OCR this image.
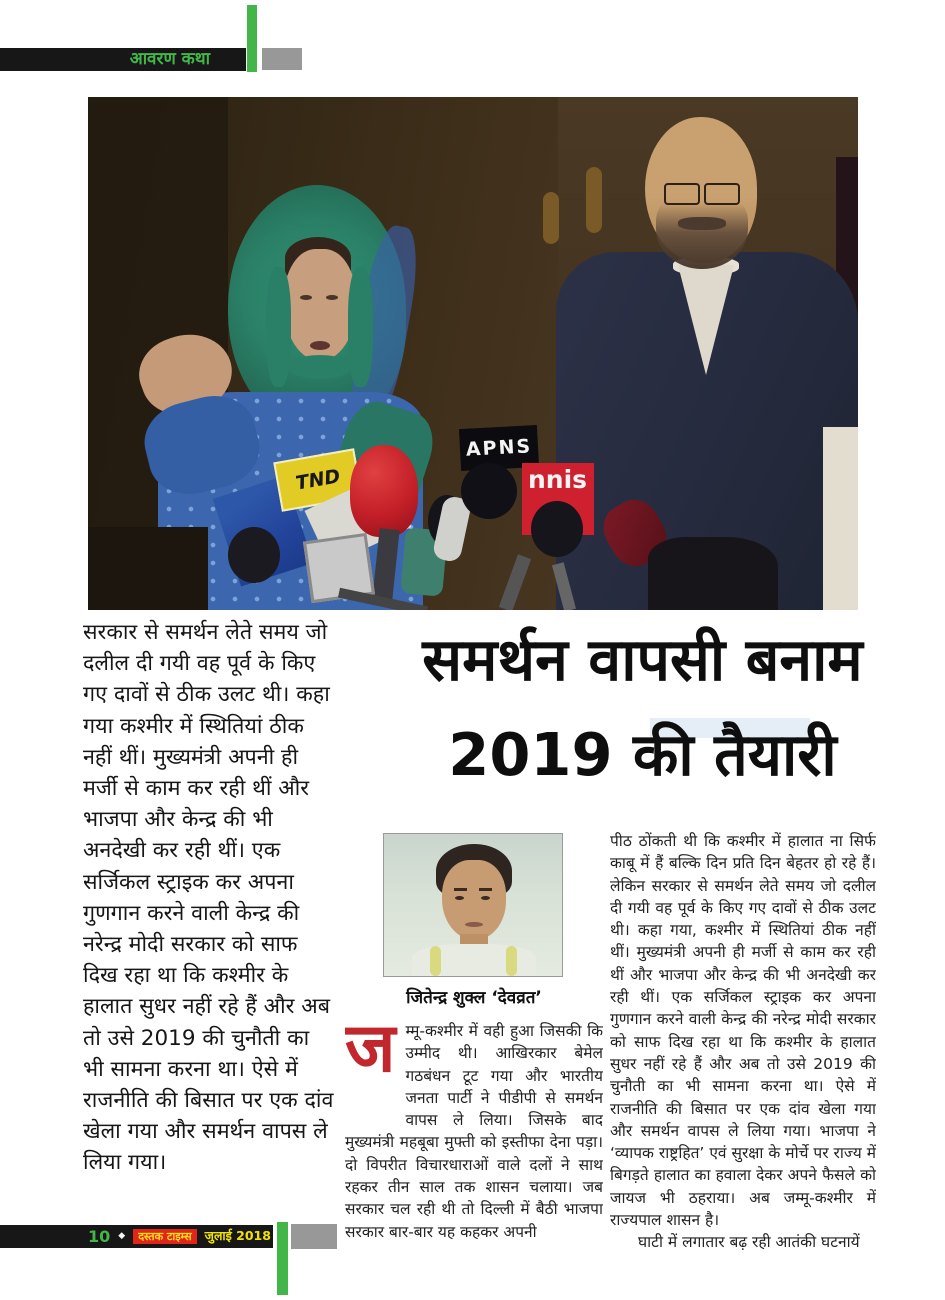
आवरण कथा
TND
APNS
nnis
सरकार से समर्थन लेते समय जो दलील दी गयी वह पूर्व के किए गए दावों से ठीक उलट थी। कहा गया कश्मीर में स्थितियां ठीक नहीं थीं। मुख्यमंत्री अपनी ही मर्जी से काम कर रही थीं और भाजपा और केन्द्र की भी अनदेखी कर रही थीं। एक सर्जिकल स्ट्राइक कर अपना गुणगान करने वाली केन्द्र की नरेन्द्र मोदी सरकार को साफ दिख रहा था कि कश्मीर के हालात सुधर नहीं रहे हैं और अब तो उसे 2019 की चुनौती का भी सामना करना था। ऐसे में राजनीति की बिसात पर एक दांव खेला गया और समर्थन वापस ले लिया गया।
समर्थन वापसी बनाम
2019 की तैयारी
जितेन्द्र शुक्ल ‘देवव्रत’
जम्मू-कश्मीर में वही हुआ जिसकी कि उम्मीद थी। आखिरकार बेमेल गठबंधन टूट गया और भारतीय जनता पार्टी ने पीडीपी से समर्थन वापस ले लिया। जिसके बाद मुख्यमंत्री महबूबा मुफ्ती को इस्तीफा देना पड़ा। दो विपरीत विचारधाराओं वाले दलों ने साथ रहकर तीन साल तक शासन चलाया। जब सरकार चल रही थी तो दिल्ली में बैठी भाजपा सरकार बार-बार यह कहकर अपनी

पीठ ठोंकती थी कि कश्मीर में हालात ना सिर्फ काबू में हैं बल्कि दिन प्रति दिन बेहतर हो रहे हैं। लेकिन सरकार से समर्थन लेते समय जो दलील दी गयी वह पूर्व के किए गए दावों से ठीक उलट थी। कहा गया, कश्मीर में स्थितियां ठीक नहीं थीं। मुख्यमंत्री अपनी ही मर्जी से काम कर रही थीं और भाजपा और केन्द्र की भी अनदेखी कर रही थीं। एक सर्जिकल स्ट्राइक कर अपना गुणगान करने वाली केन्द्र की नरेन्द्र मोदी सरकार को साफ दिख रहा था कि कश्मीर के हालात सुधर नहीं रहे हैं और अब तो उसे 2019 की चुनौती का भी सामना करना था। ऐसे में राजनीति की बिसात पर एक दांव खेला गया और समर्थन वापस ले लिया गया। भाजपा ने ‘व्यापक राष्ट्रहित’ एवं सुरक्षा के मोर्चे पर राज्य में बिगड़ते हालात का हवाला देकर अपने फैसले को जायज भी ठहराया। अब जम्मू-कश्मीर में राज्यपाल शासन है।

घाटी में लगातार बढ़ रही आतंकी घटनायें

10 ◆	दस्तक टाइम्स	जुलाई 2018
